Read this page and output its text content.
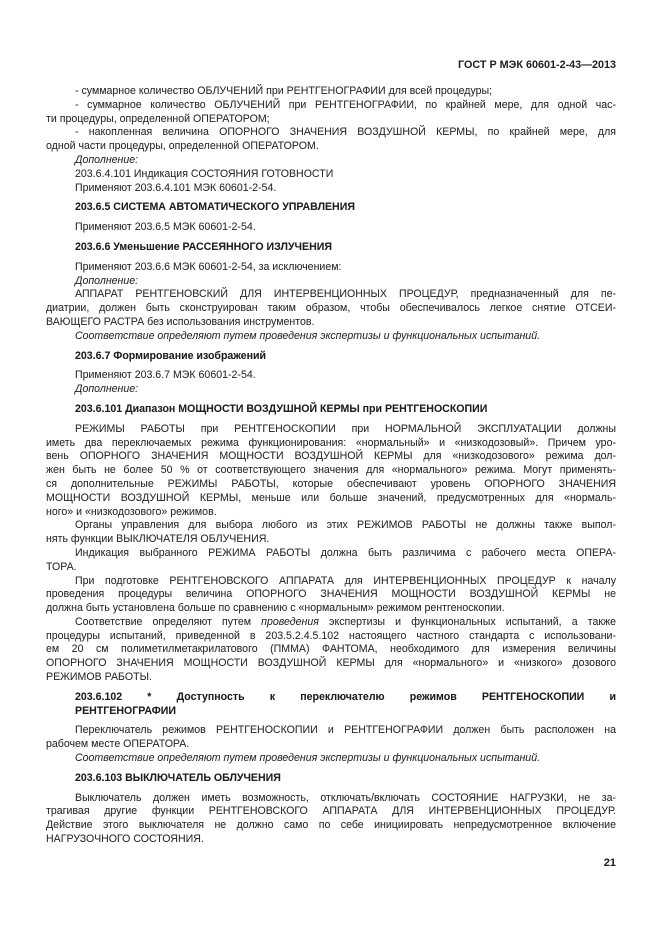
ГОСТ Р МЭК 60601-2-43—2013
- суммарное количество ОБЛУЧЕНИЙ при РЕНТГЕНОГРАФИИ для всей процедуры;
- суммарное количество ОБЛУЧЕНИЙ при РЕНТГЕНОГРАФИИ, по крайней мере, для одной час-
ти процедуры, определенной ОПЕРАТОРОМ;
- накопленная величина ОПОРНОГО ЗНАЧЕНИЯ ВОЗДУШНОЙ КЕРМЫ, по крайней мере, для
одной части процедуры, определенной ОПЕРАТОРОМ.
Дополнение:
203.6.4.101 Индикация СОСТОЯНИЯ ГОТОВНОСТИ
Применяют 203.6.4.101 МЭК 60601-2-54.
203.6.5 СИСТЕМА АВТОМАТИЧЕСКОГО УПРАВЛЕНИЯ
Применяют 203.6.5 МЭК 60601-2-54.
203.6.6 Уменьшение РАССЕЯННОГО ИЗЛУЧЕНИЯ
Применяют 203.6.6 МЭК 60601-2-54, за исключением:
Дополнение:
АППАРАТ РЕНТГЕНОВСКИЙ ДЛЯ ИНТЕРВЕНЦИОННЫХ ПРОЦЕДУР, предназначенный для пе-
диатрии, должен быть сконструирован таким образом, чтобы обеспечивалось легкое снятие ОТСЕИ-
ВАЮЩЕГО РАСТРА без использования инструментов.
Соответствие определяют путем проведения экспертизы и функциональных испытаний.
203.6.7 Формирование изображений
Применяют 203.6.7 МЭК 60601-2-54.
Дополнение:
203.6.101 Диапазон МОЩНОСТИ ВОЗДУШНОЙ КЕРМЫ при РЕНТГЕНОСКОПИИ
РЕЖИМЫ РАБОТЫ при РЕНТГЕНОСКОПИИ при НОРМАЛЬНОЙ ЭКСПЛУАТАЦИИ должны
иметь два переключаемых режима функционирования: «нормальный» и «низкодозовый». Причем уро-
вень ОПОРНОГО ЗНАЧЕНИЯ МОЩНОСТИ ВОЗДУШНОЙ КЕРМЫ для «низкодозового» режима дол-
жен быть не более 50 % от соответствующего значения для «нормального» режима. Могут применять-
ся дополнительные РЕЖИМЫ РАБОТЫ, которые обеспечивают уровень ОПОРНОГО ЗНАЧЕНИЯ
МОЩНОСТИ ВОЗДУШНОЙ КЕРМЫ, меньше или больше значений, предусмотренных для «нормаль-
ного» и «низкодозового» режимов.
Органы управления для выбора любого из этих РЕЖИМОВ РАБОТЫ не должны также выпол-
нять функции ВЫКЛЮЧАТЕЛЯ ОБЛУЧЕНИЯ.
Индикация выбранного РЕЖИМА РАБОТЫ должна быть различима с рабочего места ОПЕРА-
ТОРА.
При подготовке РЕНТГЕНОВСКОГО АППАРАТА для ИНТЕРВЕНЦИОННЫХ ПРОЦЕДУР к началу
проведения процедуры величина ОПОРНОГО ЗНАЧЕНИЯ МОЩНОСТИ ВОЗДУШНОЙ КЕРМЫ не
должна быть установлена больше по сравнению с «нормальным» режимом рентгеноскопии.
Соответствие определяют путем проведения экспертизы и функциональных испытаний, а также
процедуры испытаний, приведенной в 203.5.2.4.5.102 настоящего частного стандарта с использовани-
ем 20 см полиметилметакрилатового (ПММА) ФАНТОМА, необходимого для измерения величины
ОПОРНОГО ЗНАЧЕНИЯ МОЩНОСТИ ВОЗДУШНОЙ КЕРМЫ для «нормального» и «низкого» дозового
РЕЖИМОВ РАБОТЫ.
203.6.102 * Доступность к переключателю режимов РЕНТГЕНОСКОПИИ и
РЕНТГЕНОГРАФИИ
Переключатель режимов РЕНТГЕНОСКОПИИ и РЕНТГЕНОГРАФИИ должен быть расположен на
рабочем месте ОПЕРАТОРА.
Соответствие определяют путем проведения экспертизы и функциональных испытаний.
203.6.103 ВЫКЛЮЧАТЕЛЬ ОБЛУЧЕНИЯ
Выключатель должен иметь возможность, отключать/включать СОСТОЯНИЕ НАГРУЗКИ, не за-
трагивая другие функции РЕНТГЕНОВСКОГО АППАРАТА ДЛЯ ИНТЕРВЕНЦИОННЫХ ПРОЦЕДУР.
Действие этого выключателя не должно само по себе инициировать непредусмотренное включение
НАГРУЗОЧНОГО СОСТОЯНИЯ.
21
